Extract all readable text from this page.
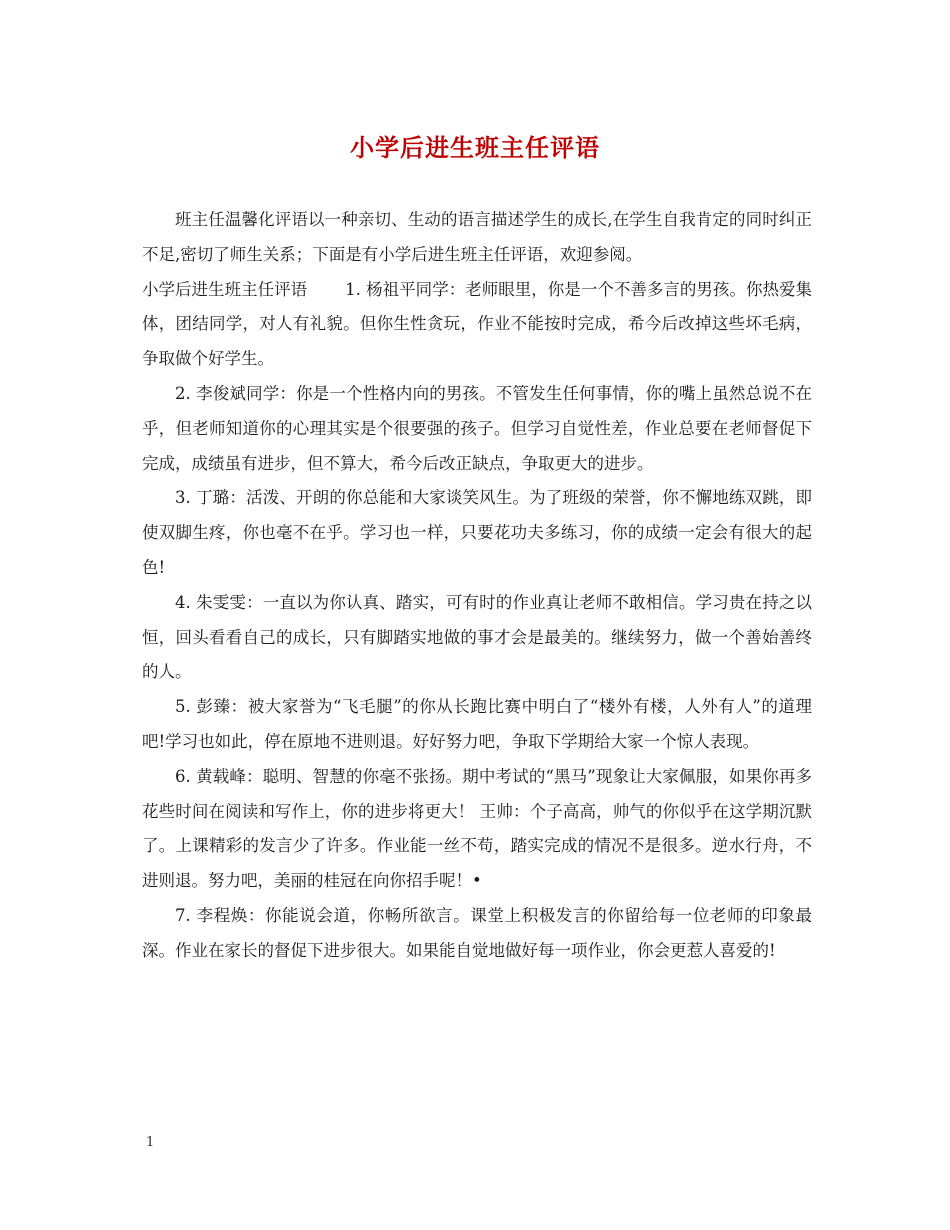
小学后进生班主任评语

班主任温馨化评语以一种亲切、生动的语言描述学生的成长,在学生自我肯定的同时纠正不足,密切了师生关系；下面是有小学后进生班主任评语，欢迎参阅。

小学后进生班主任评语 1. 杨祖平同学：老师眼里，你是一个不善多言的男孩。你热爱集体，团结同学，对人有礼貌。但你生性贪玩，作业不能按时完成，希今后改掉这些坏毛病，争取做个好学生。

2. 李俊斌同学：你是一个性格内向的男孩。不管发生任何事情，你的嘴上虽然总说不在乎，但老师知道你的心理其实是个很要强的孩子。但学习自觉性差，作业总要在老师督促下完成，成绩虽有进步，但不算大，希今后改正缺点，争取更大的进步。

3. 丁璐：活泼、开朗的你总能和大家谈笑风生。为了班级的荣誉，你不懈地练双跳，即使双脚生疼，你也毫不在乎。学习也一样，只要花功夫多练习，你的成绩一定会有很大的起色!

4. 朱雯雯：一直以为你认真、踏实，可有时的作业真让老师不敢相信。学习贵在持之以恒，回头看看自己的成长，只有脚踏实地做的事才会是最美的。继续努力，做一个善始善终的人。

5. 彭臻：被大家誉为“飞毛腿”的你从长跑比赛中明白了“楼外有楼，人外有人”的道理吧!学习也如此，停在原地不进则退。好好努力吧，争取下学期给大家一个惊人表现。

6. 黄载峰：聪明、智慧的你毫不张扬。期中考试的“黑马”现象让大家佩服，如果你再多花些时间在阅读和写作上，你的进步将更大！ 王帅：个子高高，帅气的你似乎在这学期沉默了。上课精彩的发言少了许多。作业能一丝不苟，踏实完成的情况不是很多。逆水行舟，不进则退。努力吧，美丽的桂冠在向你招手呢！•

7. 李程焕：你能说会道，你畅所欲言。课堂上积极发言的你留给每一位老师的印象最深。作业在家长的督促下进步很大。如果能自觉地做好每一项作业，你会更惹人喜爱的!

1
